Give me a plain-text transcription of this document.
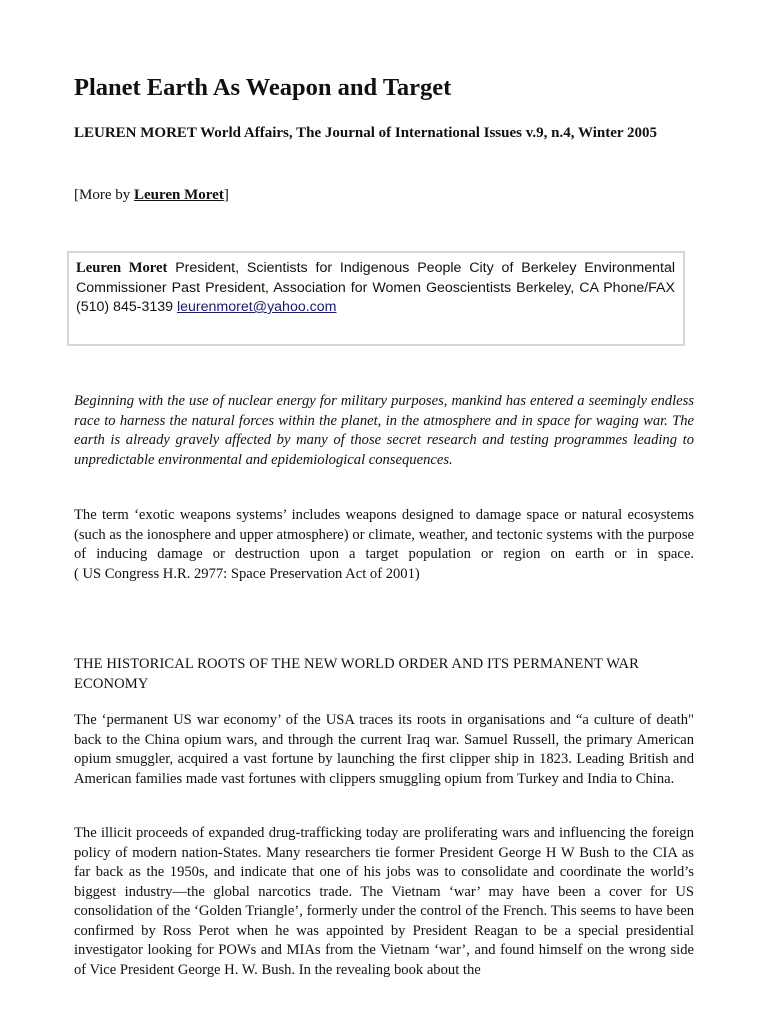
Planet Earth As Weapon and Target

LEUREN MORET World Affairs, The Journal of International Issues v.9, n.4, Winter 2005

[More by Leuren Moret]

Leuren Moret President, Scientists for Indigenous People City of Berkeley Environmental Commissioner Past President, Association for Women Geoscientists Berkeley, CA Phone/FAX (510) 845-3139 leurenmoret@yahoo.com

Beginning with the use of nuclear energy for military purposes, mankind has entered a seemingly endless race to harness the natural forces within the planet, in the atmosphere and in space for waging war. The earth is already gravely affected by many of those secret research and testing programmes leading to unpredictable environmental and epidemiological consequences.

The term ‘exotic weapons systems’ includes weapons designed to damage space or natural ecosystems (such as the ionosphere and upper atmosphere) or climate, weather, and tectonic systems with the purpose of inducing damage or destruction upon a target population or region on earth or in space.
( US Congress H.R. 2977: Space Preservation Act of 2001)

THE HISTORICAL ROOTS OF THE NEW WORLD ORDER AND ITS PERMANENT WAR ECONOMY

The ‘permanent US war economy’ of the USA traces its roots in organisations and “a culture of death" back to the China opium wars, and through the current Iraq war. Samuel Russell, the primary American opium smuggler, acquired a vast fortune by launching the first clipper ship in 1823. Leading British and American families made vast fortunes with clippers smuggling opium from Turkey and India to China.

The illicit proceeds of expanded drug-trafficking today are proliferating wars and influencing the foreign policy of modern nation-States. Many researchers tie former President George H W Bush to the CIA as far back as the 1950s, and indicate that one of his jobs was to consolidate and coordinate the world’s biggest industry—the global narcotics trade. The Vietnam ‘war’ may have been a cover for US consolidation of the ‘Golden Triangle’, formerly under the control of the French. This seems to have been confirmed by Ross Perot when he was appointed by President Reagan to be a special presidential investigator looking for POWs and MIAs from the Vietnam ‘war’, and found himself on the wrong side of Vice President George H. W. Bush. In the revealing book about the
